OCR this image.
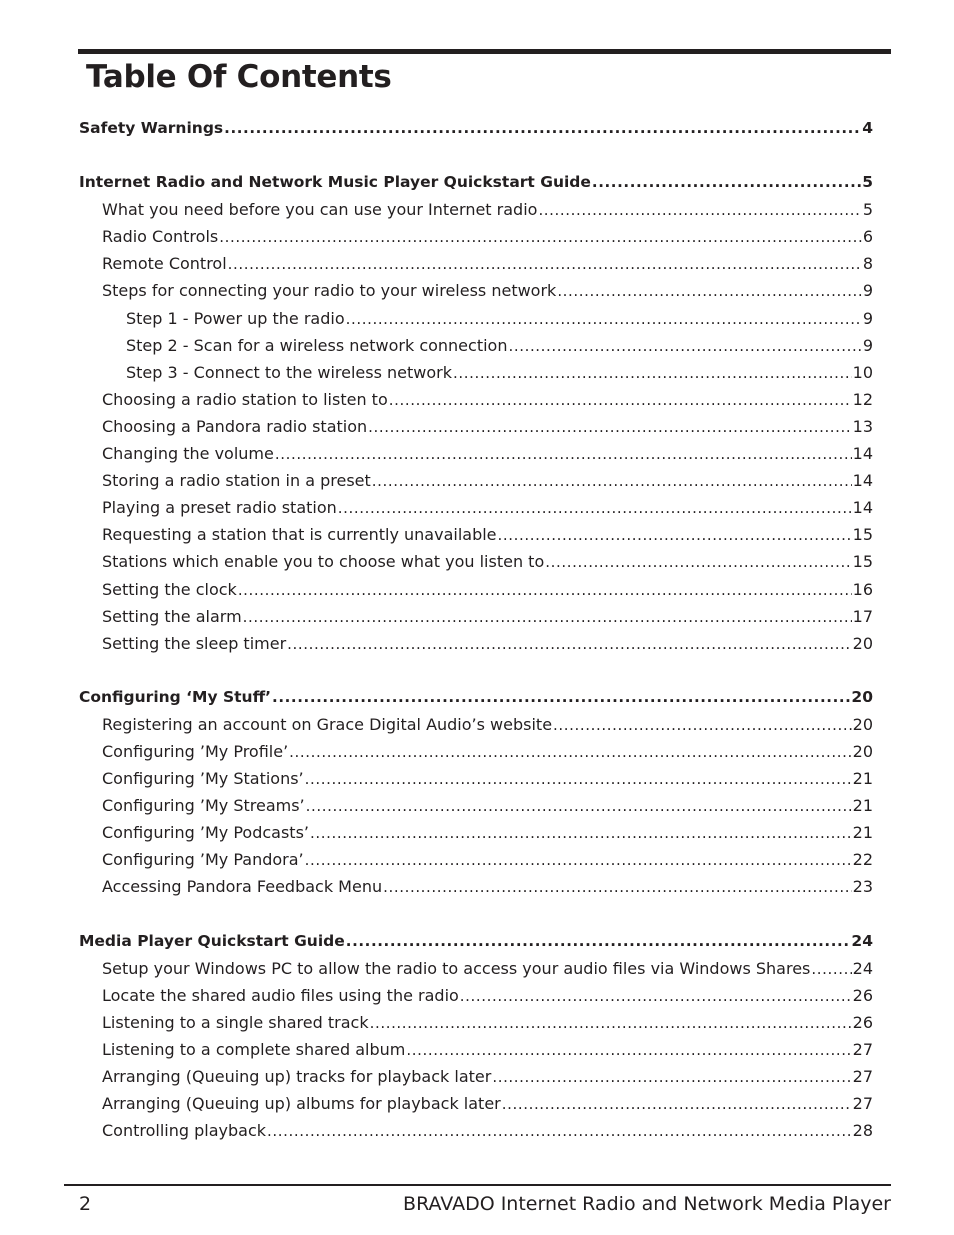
Table Of Contents
Safety Warnings .....	4
Internet Radio and Network Music Player Quickstart Guide .....	5
What you need before you can use your Internet radio .....	5
Radio Controls .....	6
Remote Control .....	8
Steps for connecting your radio to your wireless network .....	9
Step 1 - Power up the radio .....	9
Step 2 - Scan for a wireless network connection .....	9
Step 3 - Connect to the wireless network .....	10
Choosing a radio station to listen to .....	12
Choosing a Pandora radio station .....	13
Changing the volume .....	14
Storing a radio station in a preset .....	14
Playing a preset radio station .....	14
Requesting a station that is currently unavailable .....	15
Stations which enable you to choose what you listen to .....	15
Setting the clock .....	16
Setting the alarm .....	17
Setting the sleep timer .....	20
Configuring ‘My Stuff’ .....	20
Registering an account on Grace Digital Audio’s website .....	20
Configuring ’My Profile’ .....	20
Configuring ’My Stations’ .....	21
Configuring ’My Streams’ .....	21
Configuring ’My Podcasts’ .....	21
Configuring ’My Pandora’ .....	22
Accessing Pandora Feedback Menu .....	23
Media Player Quickstart Guide .....	24
Setup your Windows PC to allow the radio to access your audio files via Windows Shares .....	24
Locate the shared audio files using the radio .....	26
Listening to a single shared track .....	26
Listening to a complete shared album .....	27
Arranging (Queuing up) tracks for playback later .....	27
Arranging (Queuing up) albums for playback later .....	27
Controlling playback .....	28
2	BRAVADO Internet Radio and Network Media Player
